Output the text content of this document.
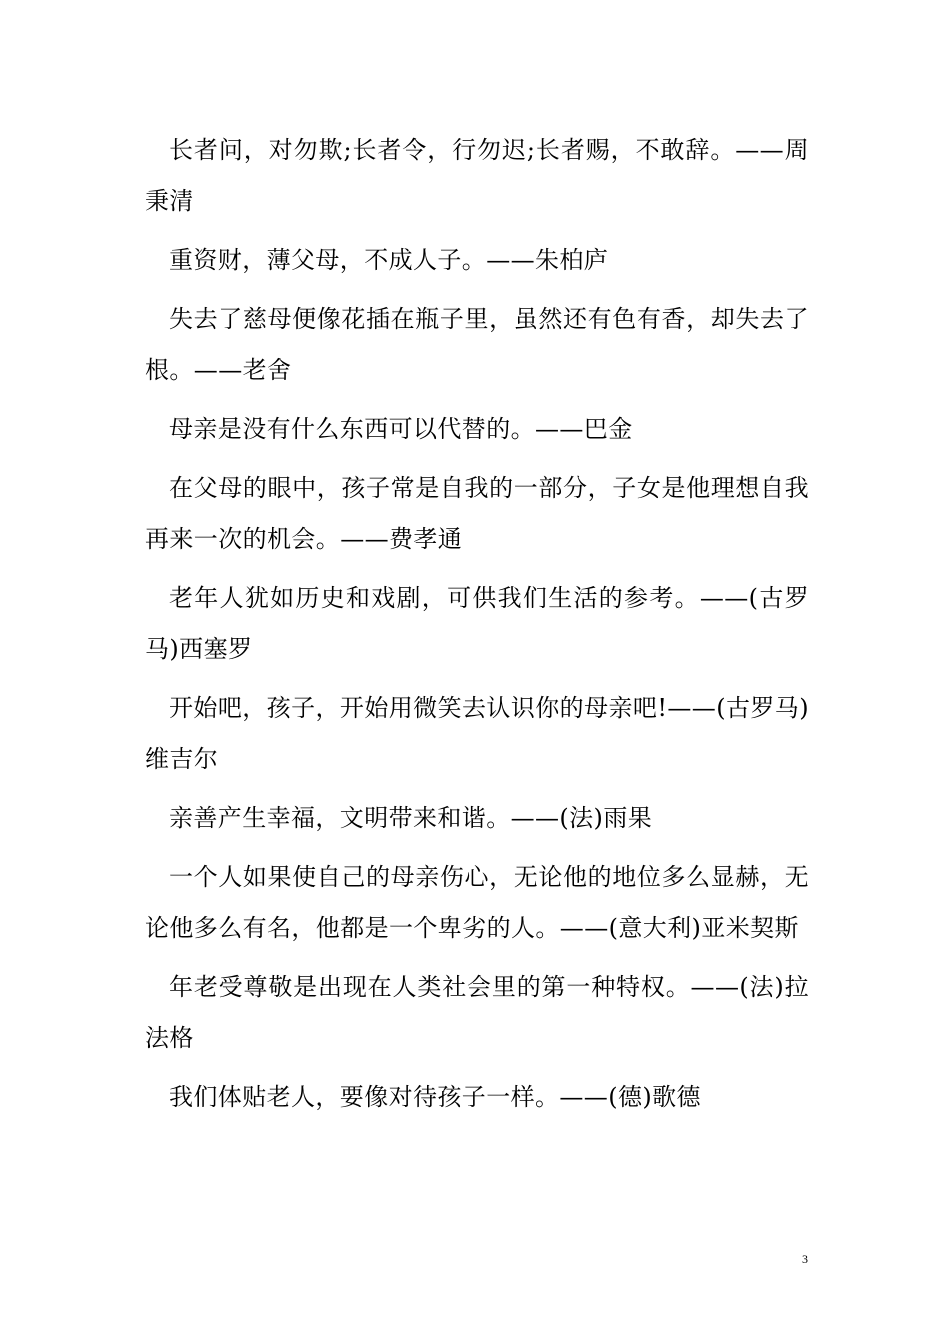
长者问，对勿欺;长者令，行勿迟;长者赐，不敢辞。——周秉清

重资财，薄父母，不成人子。——朱柏庐

失去了慈母便像花插在瓶子里，虽然还有色有香，却失去了根。——老舍

母亲是没有什么东西可以代替的。——巴金

在父母的眼中，孩子常是自我的一部分，子女是他理想自我再来一次的机会。——费孝通

老年人犹如历史和戏剧，可供我们生活的参考。——(古罗马)西塞罗

开始吧，孩子，开始用微笑去认识你的母亲吧!——(古罗马)维吉尔

亲善产生幸福，文明带来和谐。——(法)雨果

一个人如果使自己的母亲伤心，无论他的地位多么显赫，无论他多么有名，他都是一个卑劣的人。——(意大利)亚米契斯

年老受尊敬是出现在人类社会里的第一种特权。——(法)拉法格

我们体贴老人，要像对待孩子一样。——(德)歌德

3
